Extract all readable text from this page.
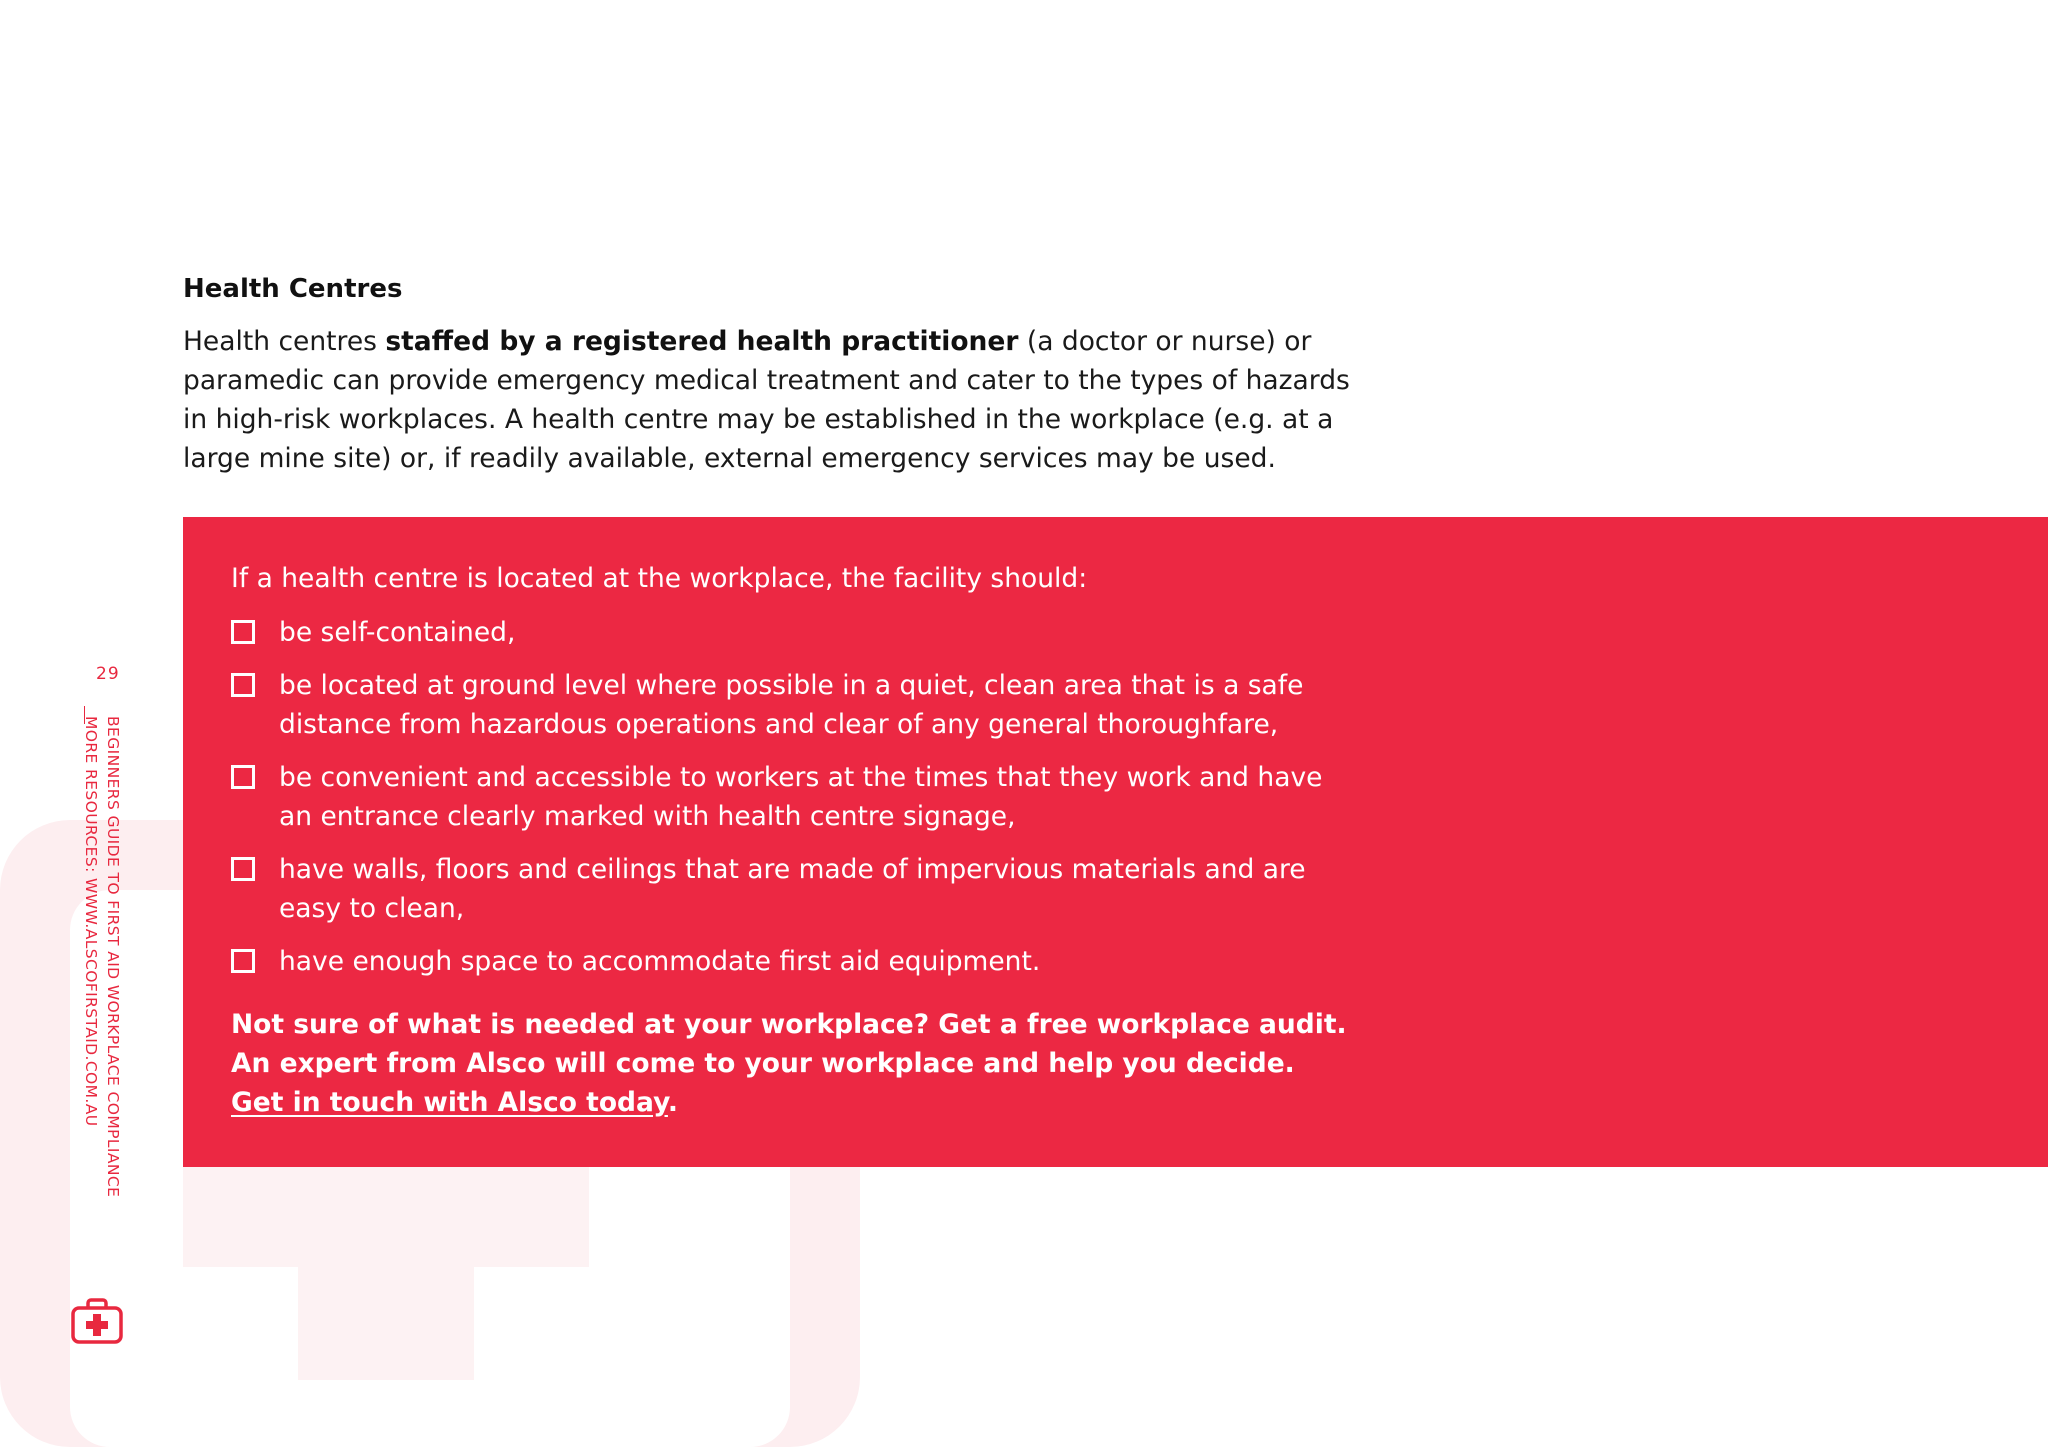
29
BEGINNERS GUIDE TO FIRST AID WORKPLACE COMPLIANCE
MORE RESOURCES: WWW.ALSCOFIRSTAID.COM.AU
Health Centres
Health centres staffed by a registered health practitioner (a doctor or nurse) or paramedic can provide emergency medical treatment and cater to the types of hazards in high-risk workplaces. A health centre may be established in the workplace (e.g. at a large mine site) or, if readily available, external emergency services may be used.
If a health centre is located at the workplace, the facility should:
be self-contained,
be located at ground level where possible in a quiet, clean area that is a safe distance from hazardous operations and clear of any general thoroughfare,
be convenient and accessible to workers at the times that they work and have an entrance clearly marked with health centre signage,
have walls, floors and ceilings that are made of impervious materials and are easy to clean,
have enough space to accommodate first aid equipment.
Not sure of what is needed at your workplace? Get a free workplace audit.
An expert from Alsco will come to your workplace and help you decide.
Get in touch with Alsco today.
